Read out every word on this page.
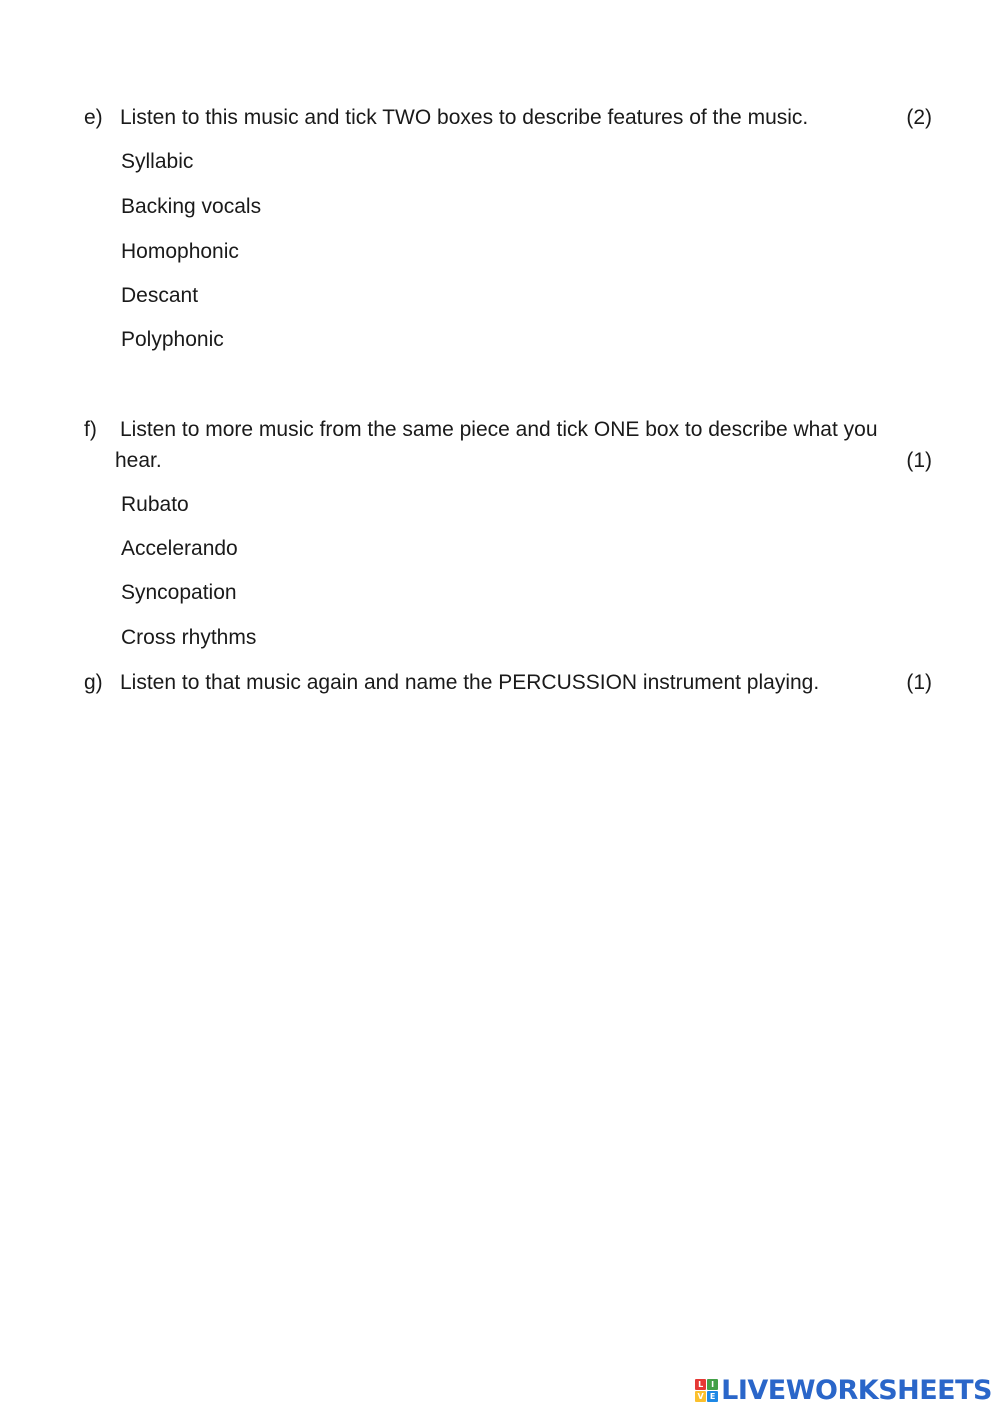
e) Listen to this music and tick TWO boxes to describe features of the music.	(2)
Syllabic
Backing vocals
Homophonic
Descant
Polyphonic
f) Listen to more music from the same piece and tick ONE box to describe what you
hear.	(1)
Rubato
Accelerando
Syncopation
Cross rhythms
g) Listen to that music again and name the PERCUSSION instrument playing.	(1)
L I
V E LIVEWORKSHEETS
